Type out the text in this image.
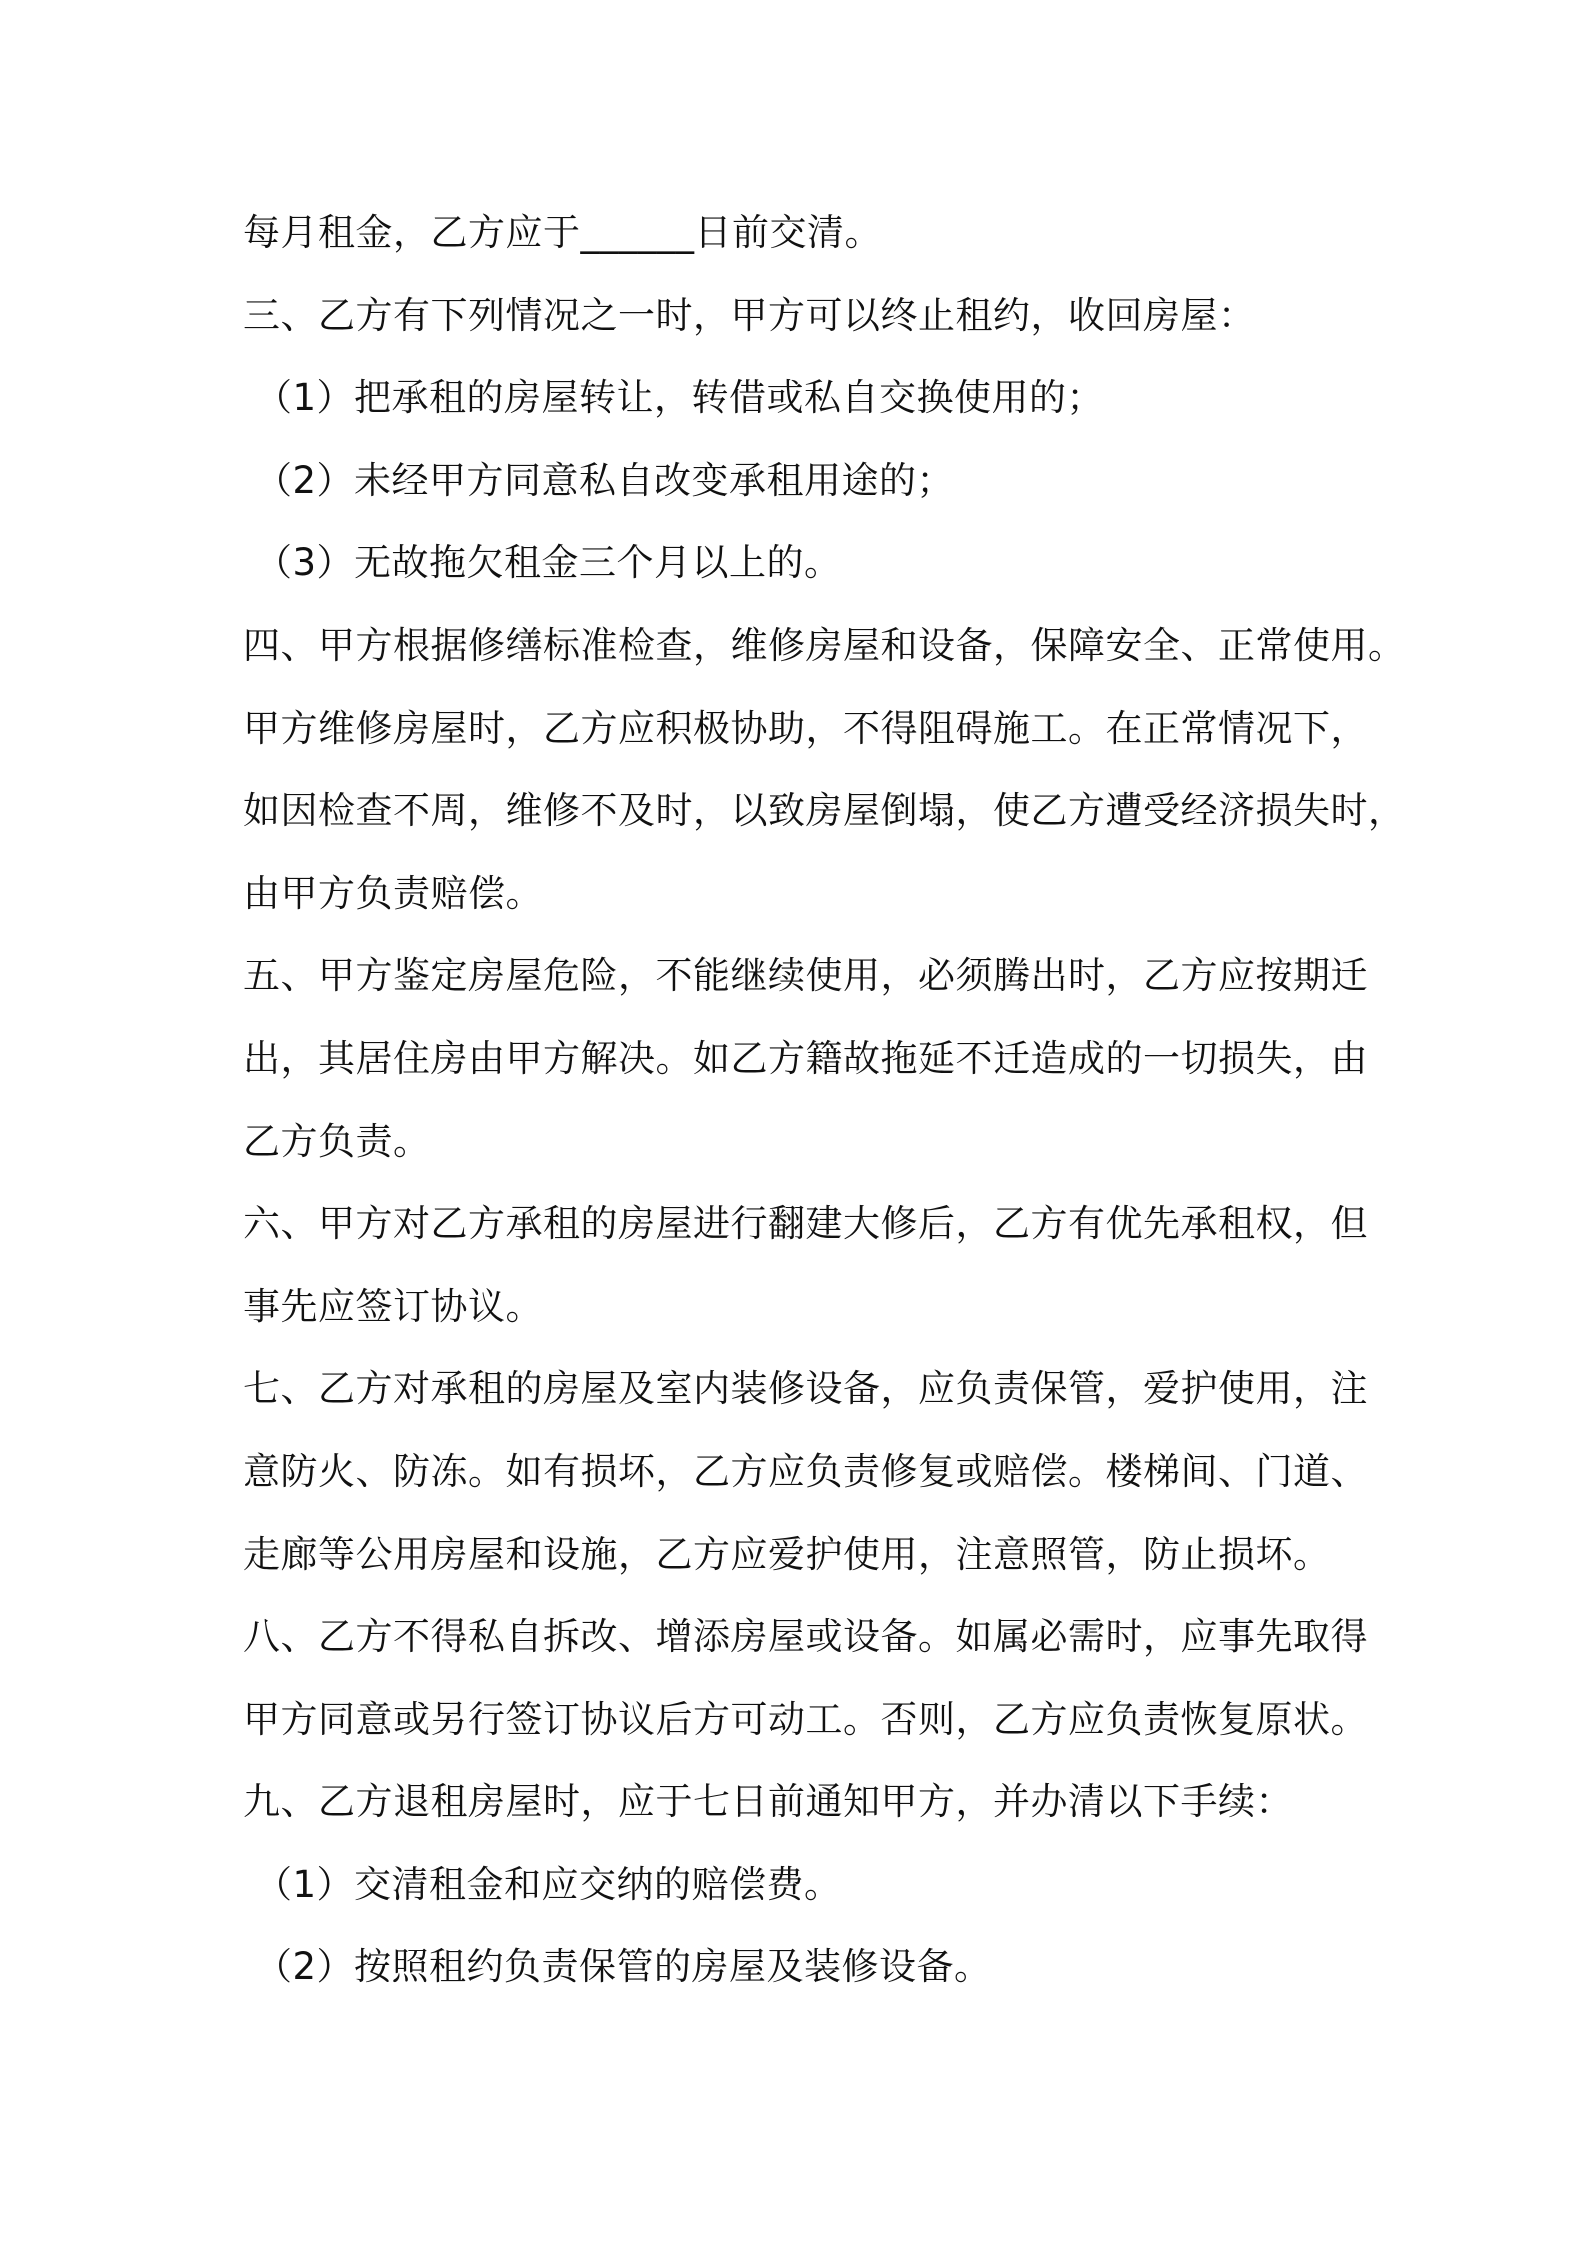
每月租金，乙方应于______日前交清。
三、乙方有下列情况之一时，甲方可以终止租约，收回房屋：
（1）把承租的房屋转让，转借或私自交换使用的；
（2）未经甲方同意私自改变承租用途的；
（3）无故拖欠租金三个月以上的。
四、甲方根据修缮标准检查，维修房屋和设备，保障安全、正常使用。
甲方维修房屋时，乙方应积极协助，不得阻碍施工。在正常情况下，
如因检查不周，维修不及时，以致房屋倒塌，使乙方遭受经济损失时，
由甲方负责赔偿。
五、甲方鉴定房屋危险，不能继续使用，必须腾出时，乙方应按期迁
出，其居住房由甲方解决。如乙方籍故拖延不迁造成的一切损失，由
乙方负责。
六、甲方对乙方承租的房屋进行翻建大修后，乙方有优先承租权，但
事先应签订协议。
七、乙方对承租的房屋及室内装修设备，应负责保管，爱护使用，注
意防火、防冻。如有损坏，乙方应负责修复或赔偿。楼梯间、门道、
走廊等公用房屋和设施，乙方应爱护使用，注意照管，防止损坏。
八、乙方不得私自拆改、增添房屋或设备。如属必需时，应事先取得
甲方同意或另行签订协议后方可动工。否则，乙方应负责恢复原状。
九、乙方退租房屋时，应于七日前通知甲方，并办清以下手续：
（1）交清租金和应交纳的赔偿费。
（2）按照租约负责保管的房屋及装修设备。
